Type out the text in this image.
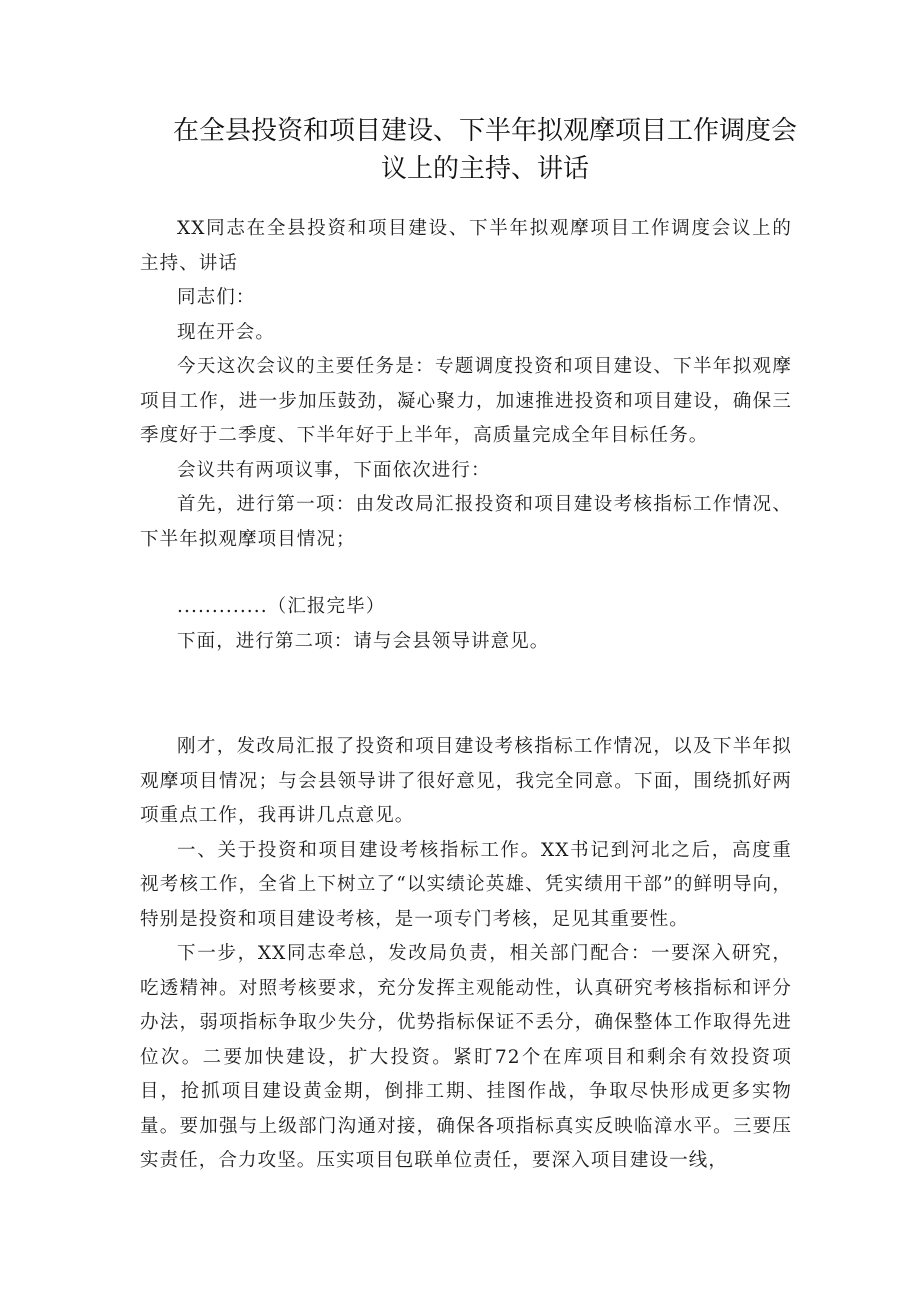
在全县投资和项目建设、下半年拟观摩项目工作调度会
议上的主持、讲话

XX同志在全县投资和项目建设、下半年拟观摩项目工作调度会议上的主持、讲话

同志们：

现在开会。

今天这次会议的主要任务是：专题调度投资和项目建设、下半年拟观摩项目工作，进一步加压鼓劲，凝心聚力，加速推进投资和项目建设，确保三季度好于二季度、下半年好于上半年，高质量完成全年目标任务。

会议共有两项议事，下面依次进行：

首先，进行第一项：由发改局汇报投资和项目建设考核指标工作情况、下半年拟观摩项目情况；

.............（汇报完毕）

下面，进行第二项：请与会县领导讲意见。

刚才，发改局汇报了投资和项目建设考核指标工作情况，以及下半年拟观摩项目情况；与会县领导讲了很好意见，我完全同意。下面，围绕抓好两项重点工作，我再讲几点意见。

一、关于投资和项目建设考核指标工作。XX书记到河北之后，高度重视考核工作，全省上下树立了“以实绩论英雄、凭实绩用干部”的鲜明导向，特别是投资和项目建设考核，是一项专门考核，足见其重要性。

下一步，XX同志牵总，发改局负责，相关部门配合：一要深入研究，吃透精神。对照考核要求，充分发挥主观能动性，认真研究考核指标和评分办法，弱项指标争取少失分，优势指标保证不丢分，确保整体工作取得先进位次。二要加快建设，扩大投资。紧盯72个在库项目和剩余有效投资项目，抢抓项目建设黄金期，倒排工期、挂图作战，争取尽快形成更多实物量。要加强与上级部门沟通对接，确保各项指标真实反映临漳水平。三要压实责任，合力攻坚。压实项目包联单位责任，要深入项目建设一线，
